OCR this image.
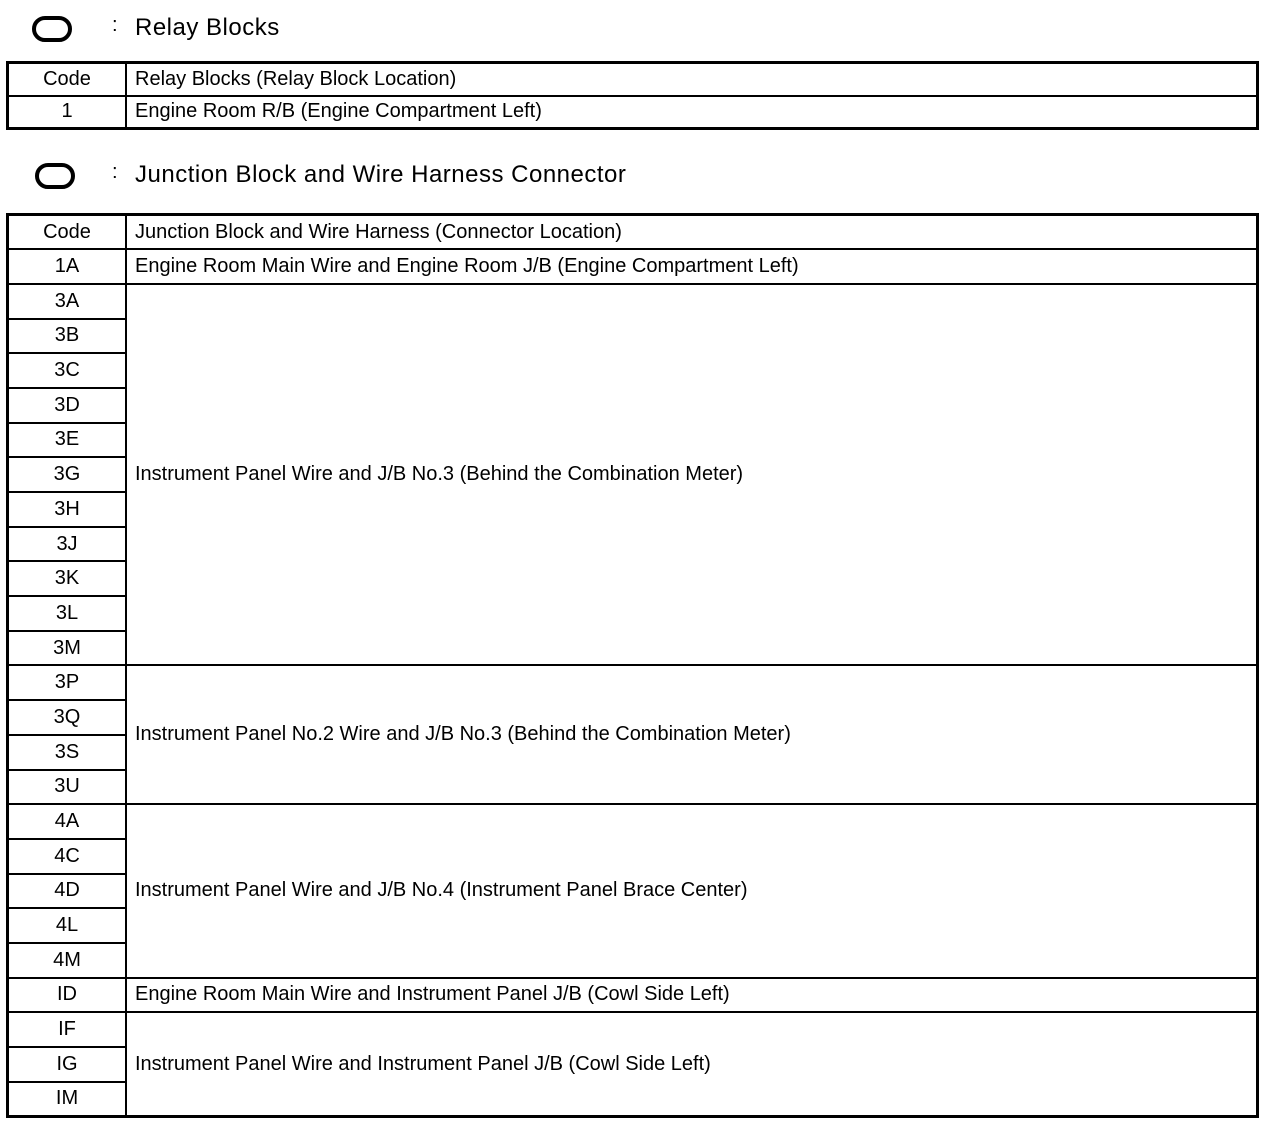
: Relay Blocks
Code	Relay Blocks (Relay Block Location)
1	Engine Room R/B (Engine Compartment Left)
: Junction Block and Wire Harness Connector
Code	Junction Block and Wire Harness (Connector Location)
1A	Engine Room Main Wire and Engine Room J/B (Engine Compartment Left)
3A	Instrument Panel Wire and J/B No.3 (Behind the Combination Meter)
3B	
3C	
3D	
3E	
3G	
3H	
3J	
3K	
3L	
3M	
3P	Instrument Panel No.2 Wire and J/B No.3 (Behind the Combination Meter)
3Q	
3S	
3U	
4A	Instrument Panel Wire and J/B No.4 (Instrument Panel Brace Center)
4C	
4D	
4L	
4M	
ID	Engine Room Main Wire and Instrument Panel J/B (Cowl Side Left)
IF	Instrument Panel Wire and Instrument Panel J/B (Cowl Side Left)
IG	
IM	
